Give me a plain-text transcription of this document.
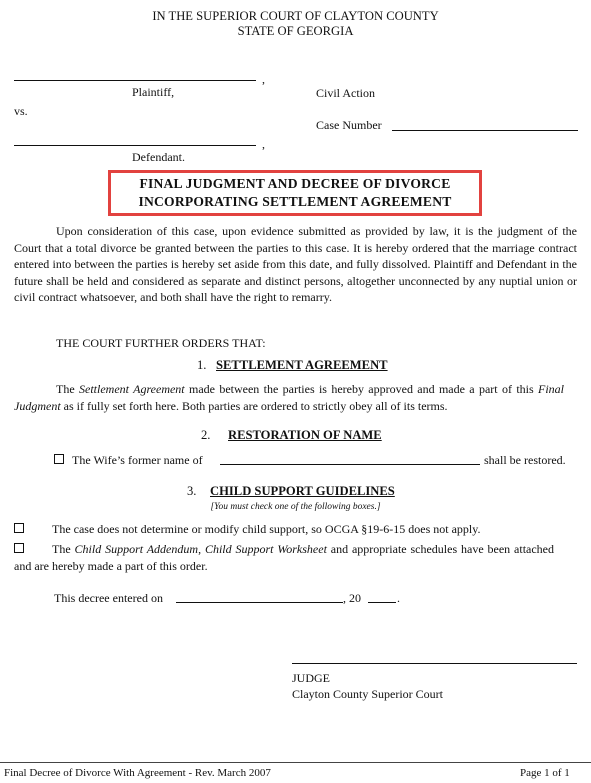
IN THE SUPERIOR COURT OF CLAYTON COUNTY
STATE OF GEORGIA
,
Plaintiff,
vs.
,
Defendant.
Civil Action
Case Number
FINAL JUDGMENT AND DECREE OF DIVORCE
INCORPORATING SETTLEMENT AGREEMENT
Upon consideration of this case, upon evidence submitted as provided by law, it is the judgment of the Court that a total divorce be granted between the parties to this case. It is hereby ordered that the marriage contract entered into between the parties is hereby set aside from this date, and fully dissolved. Plaintiff and Defendant in the future shall be held and considered as separate and distinct persons, altogether unconnected by any nuptial union or civil contract whatsoever, and both shall have the right to remarry.
THE COURT FURTHER ORDERS THAT:
1. SETTLEMENT AGREEMENT
The Settlement Agreement made between the parties is hereby approved and made a part of this Final Judgment as if fully set forth here. Both parties are ordered to strictly obey all of its terms.
2. RESTORATION OF NAME
The Wife’s former name of	shall be restored.
3. CHILD SUPPORT GUIDELINES
[You must check one of the following boxes.]
The case does not determine or modify child support, so OCGA §19-6-15 does not apply.
The Child Support Addendum, Child Support Worksheet and appropriate schedules have been attached and are hereby made a part of this order.
This decree entered on	, 20	.
JUDGE
Clayton County Superior Court
Final Decree of Divorce With Agreement - Rev. March 2007	Page 1 of 1
